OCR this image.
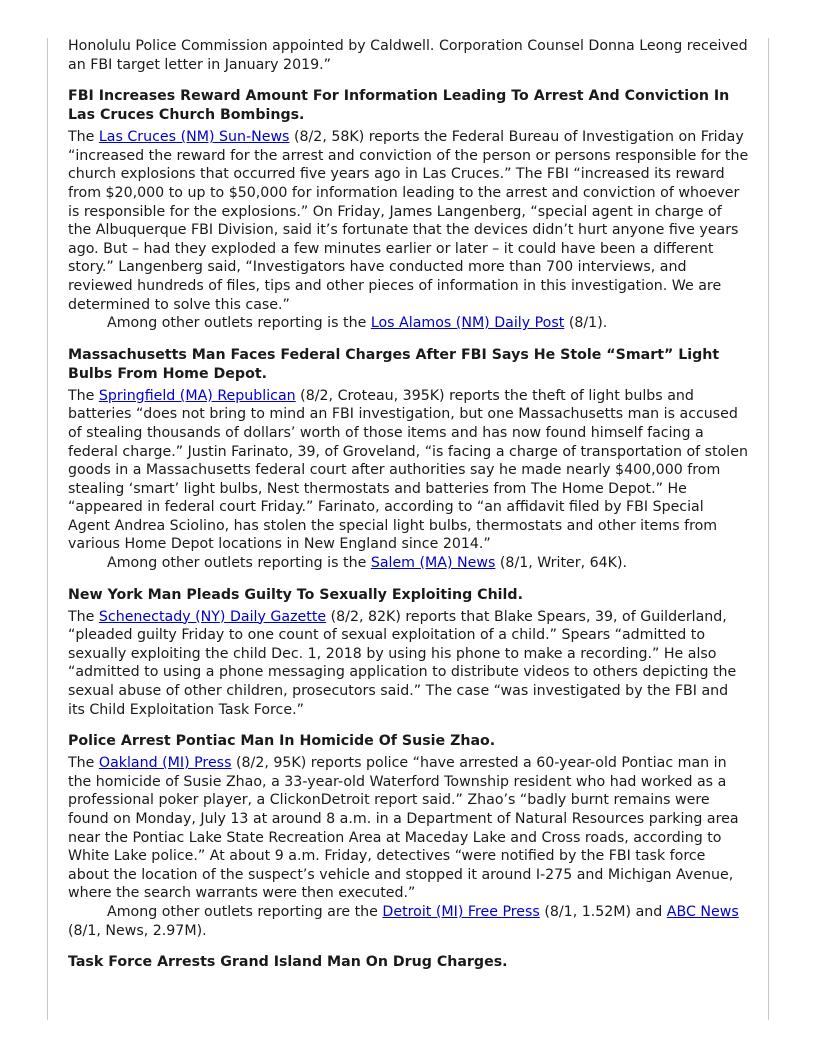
Honolulu Police Commission appointed by Caldwell. Corporation Counsel Donna Leong received an FBI target letter in January 2019.”

FBI Increases Reward Amount For Information Leading To Arrest And Conviction In Las Cruces Church Bombings.

The Las Cruces (NM) Sun-News (8/2, 58K) reports the Federal Bureau of Investigation on Friday “increased the reward for the arrest and conviction of the person or persons responsible for the church explosions that occurred five years ago in Las Cruces.” The FBI “increased its reward from $20,000 to up to $50,000 for information leading to the arrest and conviction of whoever is responsible for the explosions.” On Friday, James Langenberg, “special agent in charge of the Albuquerque FBI Division, said it’s fortunate that the devices didn’t hurt anyone five years ago. But – had they exploded a few minutes earlier or later – it could have been a different story.” Langenberg said, “Investigators have conducted more than 700 interviews, and reviewed hundreds of files, tips and other pieces of information in this investigation. We are determined to solve this case.”

Among other outlets reporting is the Los Alamos (NM) Daily Post (8/1).

Massachusetts Man Faces Federal Charges After FBI Says He Stole “Smart” Light Bulbs From Home Depot.

The Springfield (MA) Republican (8/2, Croteau, 395K) reports the theft of light bulbs and batteries “does not bring to mind an FBI investigation, but one Massachusetts man is accused of stealing thousands of dollars’ worth of those items and has now found himself facing a federal charge.” Justin Farinato, 39, of Groveland, “is facing a charge of transportation of stolen goods in a Massachusetts federal court after authorities say he made nearly $400,000 from stealing ‘smart’ light bulbs, Nest thermostats and batteries from The Home Depot.” He “appeared in federal court Friday.” Farinato, according to “an affidavit filed by FBI Special Agent Andrea Sciolino, has stolen the special light bulbs, thermostats and other items from various Home Depot locations in New England since 2014.”

Among other outlets reporting is the Salem (MA) News (8/1, Writer, 64K).

New York Man Pleads Guilty To Sexually Exploiting Child.

The Schenectady (NY) Daily Gazette (8/2, 82K) reports that Blake Spears, 39, of Guilderland, “pleaded guilty Friday to one count of sexual exploitation of a child.” Spears “admitted to sexually exploiting the child Dec. 1, 2018 by using his phone to make a recording.” He also “admitted to using a phone messaging application to distribute videos to others depicting the sexual abuse of other children, prosecutors said.” The case “was investigated by the FBI and its Child Exploitation Task Force.”

Police Arrest Pontiac Man In Homicide Of Susie Zhao.

The Oakland (MI) Press (8/2, 95K) reports police “have arrested a 60-year-old Pontiac man in the homicide of Susie Zhao, a 33-year-old Waterford Township resident who had worked as a professional poker player, a ClickonDetroit report said.” Zhao’s “badly burnt remains were found on Monday, July 13 at around 8 a.m. in a Department of Natural Resources parking area near the Pontiac Lake State Recreation Area at Maceday Lake and Cross roads, according to White Lake police.” At about 9 a.m. Friday, detectives “were notified by the FBI task force about the location of the suspect’s vehicle and stopped it around I-275 and Michigan Avenue, where the search warrants were then executed.”

Among other outlets reporting are the Detroit (MI) Free Press (8/1, 1.52M) and ABC News (8/1, News, 2.97M).

Task Force Arrests Grand Island Man On Drug Charges.
